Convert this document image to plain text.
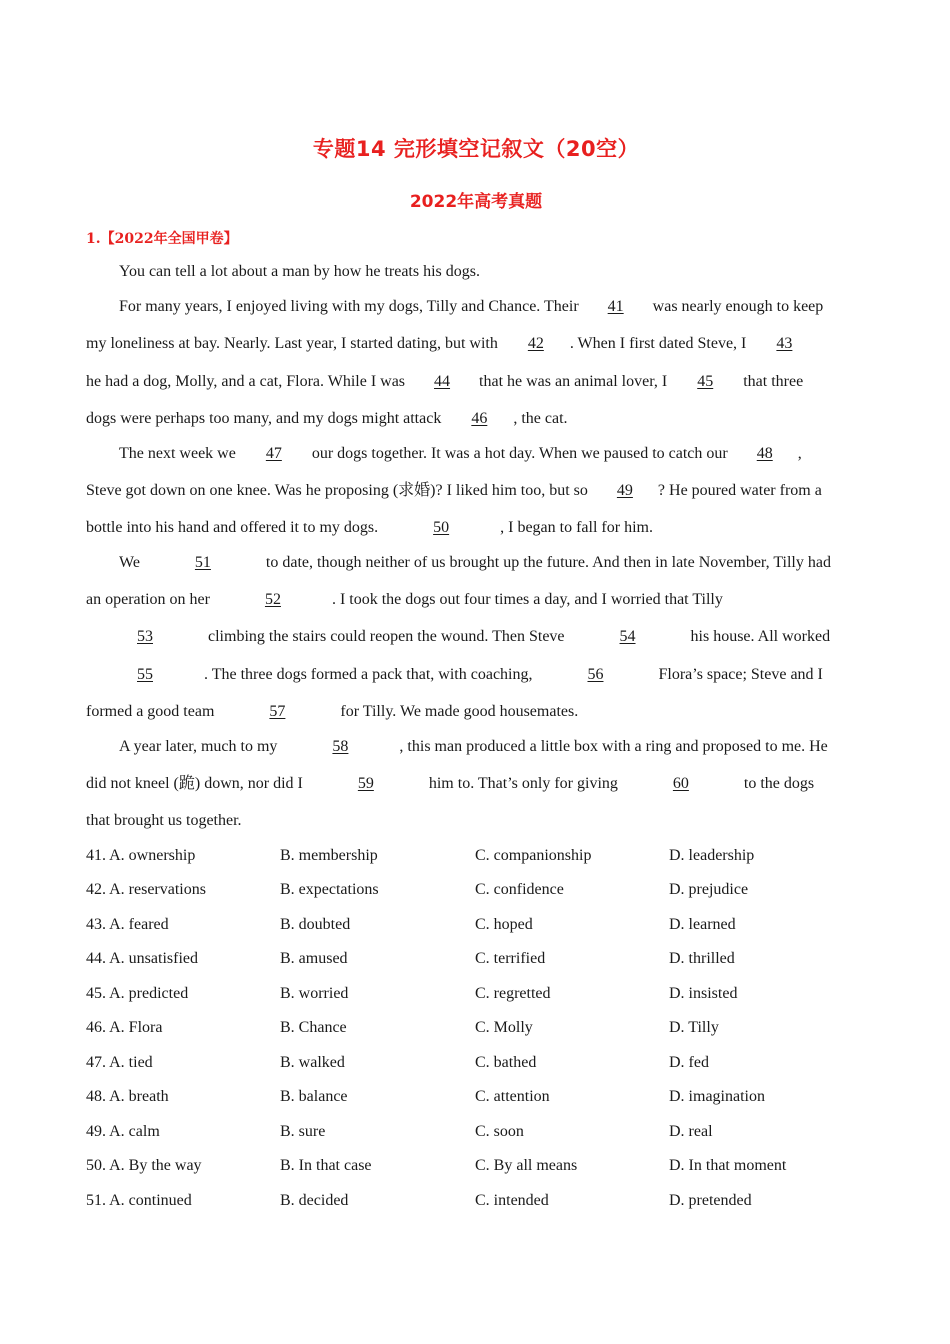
专题14 完形填空记叙文（20空）
2022年高考真题
1.【2022年全国甲卷】
You can tell a lot about a man by how he treats his dogs.
For many years, I enjoyed living with my dogs, Tilly and Chance. Their 41 was nearly enough to keep
my loneliness at bay. Nearly. Last year, I started dating, but with 42 . When I first dated Steve, I 43
he had a dog, Molly, and a cat, Flora. While I was 44 that he was an animal lover, I 45 that three
dogs were perhaps too many, and my dogs might attack 46 , the cat.
The next week we 47 our dogs together. It was a hot day. When we paused to catch our 48 ,
Steve got down on one knee. Was he proposing (求婚)? I liked him too, but so 49 ? He poured water from a
bottle into his hand and offered it to my dogs.	50	, I began to fall for him.
We	51	to date, though neither of us brought up the future. And then in late November, Tilly had
an operation on her	52	. I took the dogs out four times a day, and I worried that Tilly
53	climbing the stairs could reopen the wound. Then Steve	54	his house. All worked
55	. The three dogs formed a pack that, with coaching,	56	Flora’s space; Steve and I
formed a good team	57	for Tilly. We made good housemates.
A year later, much to my	58	, this man produced a little box with a ring and proposed to me. He
did not kneel (跪) down, nor did I	59	him to. That’s only for giving	60	to the dogs
that brought us together.
41. A. ownership	B. membership	C. companionship	D. leadership
42. A. reservations	B. expectations	C. confidence	D. prejudice
43. A. feared	B. doubted	C. hoped	D. learned
44. A. unsatisfied	B. amused	C. terrified	D. thrilled
45. A. predicted	B. worried	C. regretted	D. insisted
46. A. Flora	B. Chance	C. Molly	D. Tilly
47. A. tied	B. walked	C. bathed	D. fed
48. A. breath	B. balance	C. attention	D. imagination
49. A. calm	B. sure	C. soon	D. real
50. A. By the way	B. In that case	C. By all means	D. In that moment
51. A. continued	B. decided	C. intended	D. pretended
